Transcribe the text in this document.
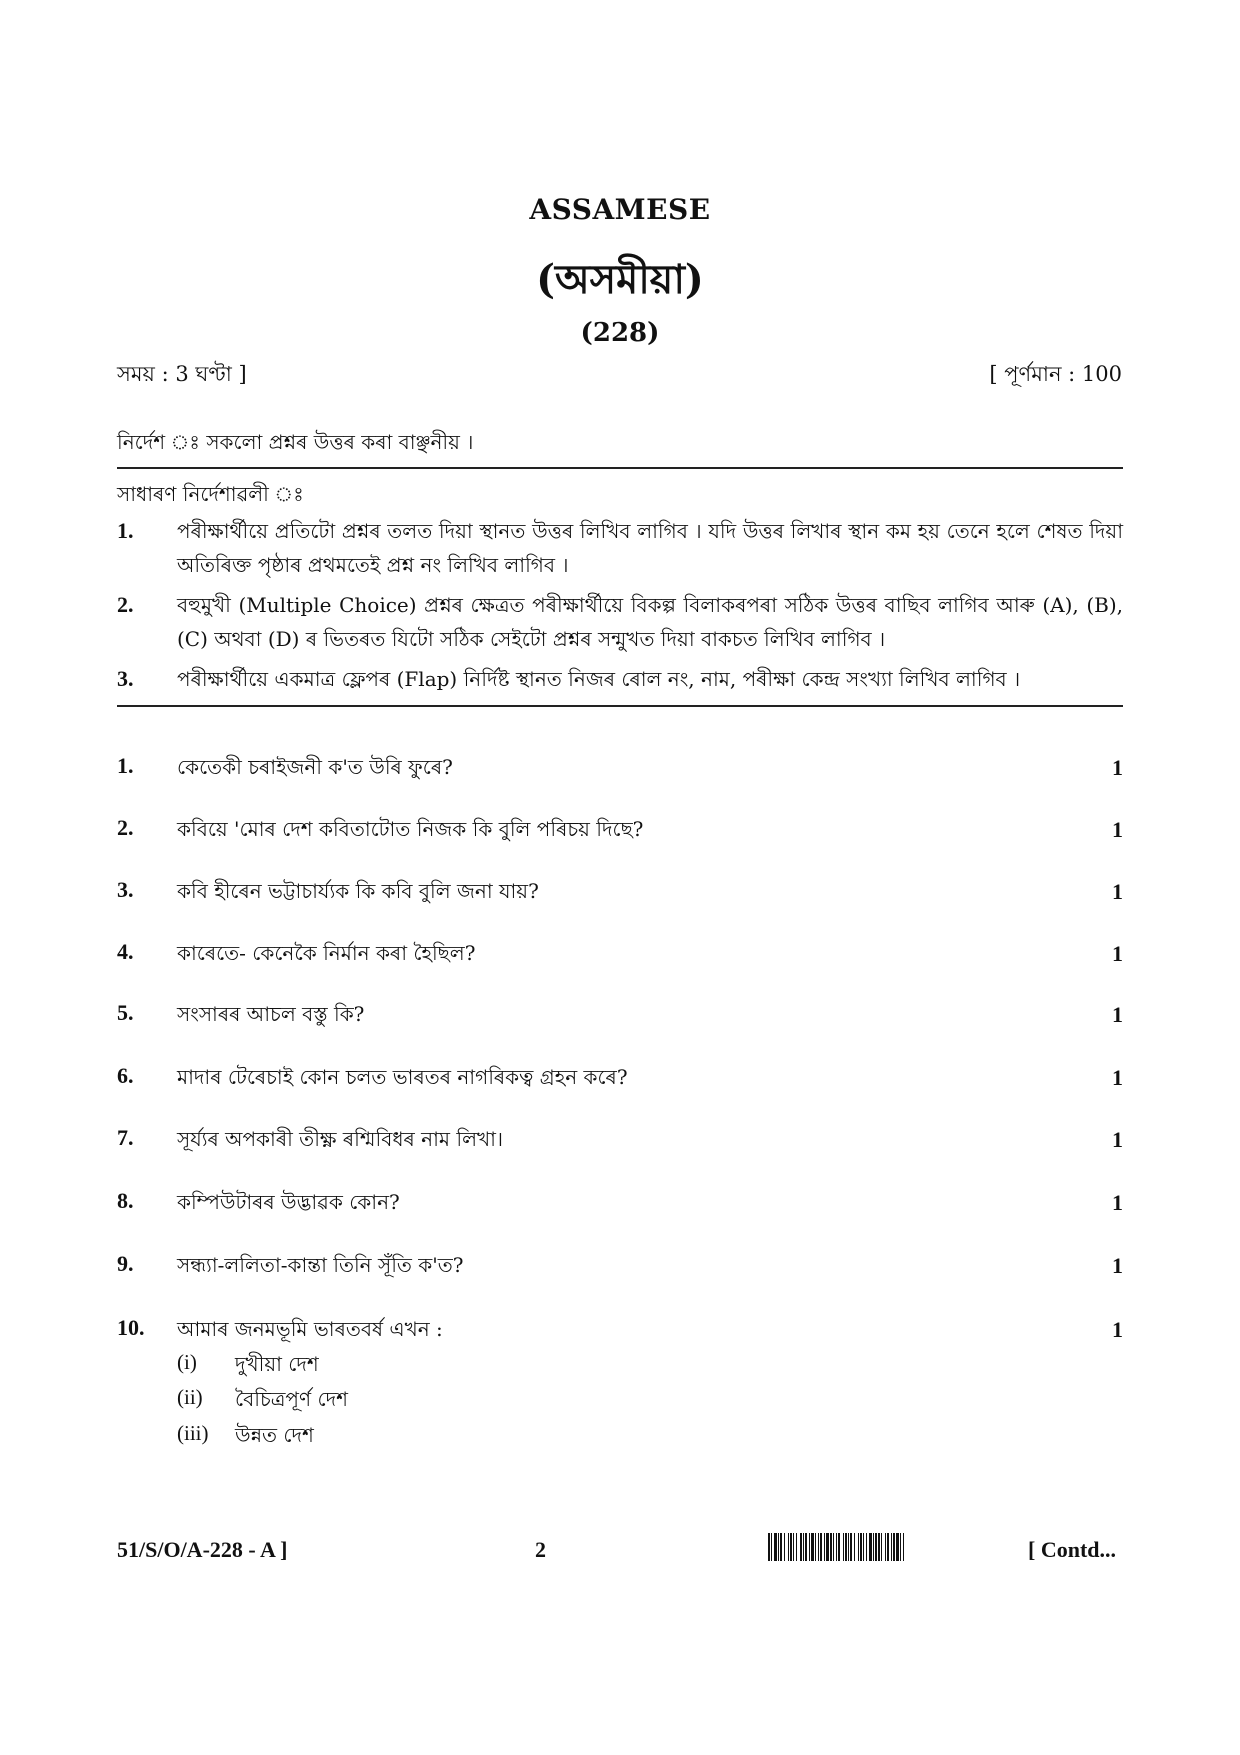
ASSAMESE
(অসমীয়া)
(228)
সময় : 3 ঘণ্টা ]	[ পূৰ্ণমান : 100
নিৰ্দেশ ঃ সকলো প্ৰশ্নৰ উত্তৰ কৰা বাঞ্ছনীয় ।
সাধাৰণ নিৰ্দেশাৱলী ঃ
1. পৰীক্ষাৰ্থীয়ে প্ৰতিটো প্ৰশ্নৰ তলত দিয়া স্থানত উত্তৰ লিখিব লাগিব । যদি উত্তৰ লিখাৰ স্থান কম হয় তেনে হলে শেষত দিয়া অতিৰিক্ত পৃষ্ঠাৰ প্ৰথমতেই প্ৰশ্ন নং লিখিব লাগিব ।
2. বহুমুখী (Multiple Choice) প্ৰশ্নৰ ক্ষেত্ৰত পৰীক্ষাৰ্থীয়ে বিকল্প বিলাকৰপৰা সঠিক উত্তৰ বাছিব লাগিব আৰু (A), (B), (C) অথবা (D) ৰ ভিতৰত যিটো সঠিক সেইটো প্ৰশ্নৰ সন্মুখত দিয়া বাকচত লিখিব লাগিব ।
3. পৰীক্ষাৰ্থীয়ে একমাত্ৰ ফ্লেপৰ (Flap) নিৰ্দিষ্ট স্থানত নিজৰ ৰোল নং, নাম, পৰীক্ষা কেন্দ্ৰ সংখ্যা লিখিব লাগিব ।
1. কেতেকী চৰাইজনী ক'ত উৰি ফুৰে?	1
2. কবিয়ে 'মোৰ দেশ কবিতাটোত নিজক কি বুলি পৰিচয় দিছে?	1
3. কবি হীৰেন ভট্টাচাৰ্য্যক কি কবি বুলি জনা যায়?	1
4. কাৰেতে- কেনেকৈ নিৰ্মান কৰা হৈছিল?	1
5. সংসাৰৰ আচল বস্তু কি?	1
6. মাদাৰ টেৰেচাই কোন চলত ভাৰতৰ নাগৰিকত্ব গ্ৰহন কৰে?	1
7. সূৰ্য্যৰ অপকাৰী তীক্ষ্ণ ৰশ্মিবিধৰ নাম লিখা।	1
8. কম্পিউটাৰৰ উদ্ভাৱক কোন?	1
9. সন্ধ্যা-ললিতা-কান্তা তিনি সূঁতি ক'ত?	1
10. আমাৰ জনমভূমি ভাৰতবৰ্ষ এখন :	1
(i) দুখীয়া দেশ
(ii) বৈচিত্ৰপূৰ্ণ দেশ
(iii) উন্নত দেশ
51/S/O/A-228 - A ]	2	[ Contd...
